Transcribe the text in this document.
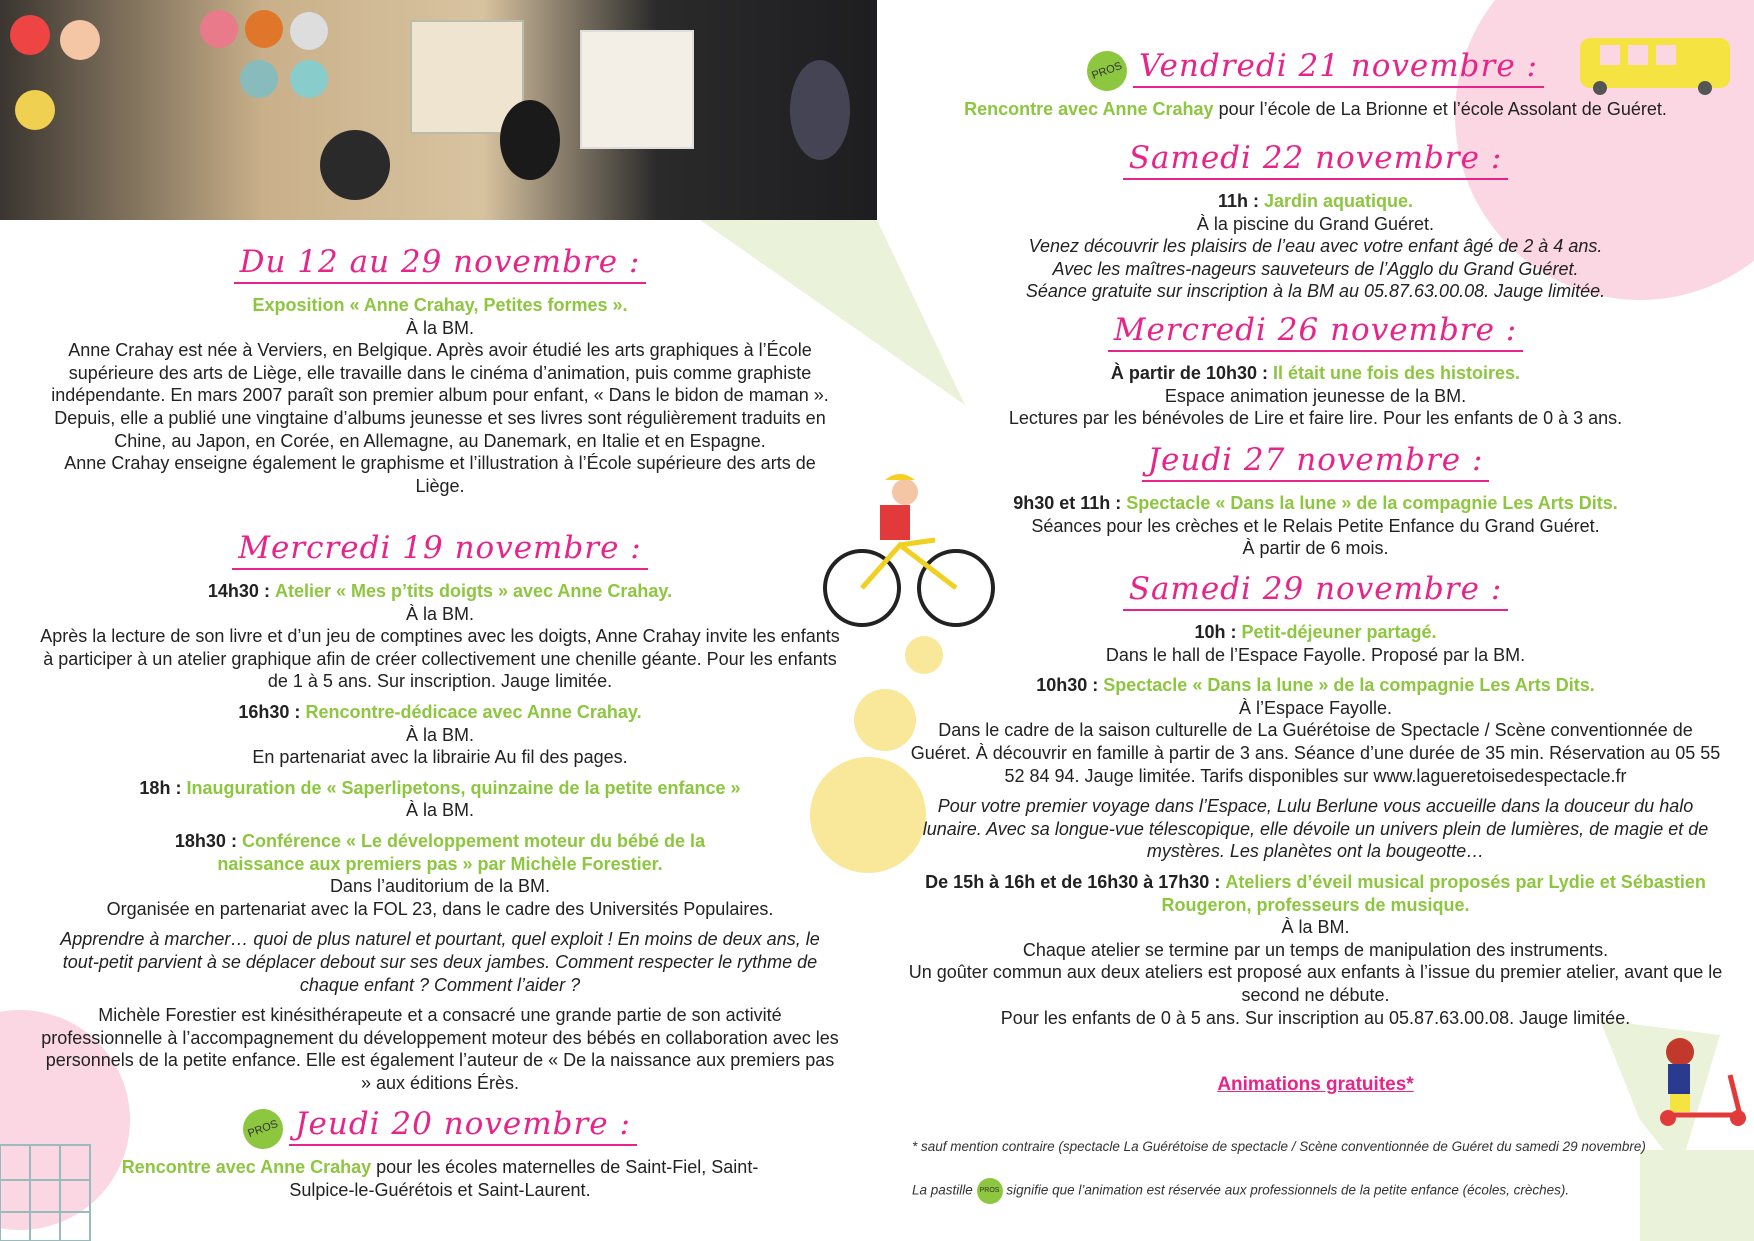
Du 12 au 29 novembre :

Exposition « Anne Crahay, Petites formes ».

À la BM.

Anne Crahay est née à Verviers, en Belgique. Après avoir étudié les arts graphiques à l’École supérieure des arts de Liège, elle travaille dans le cinéma d’animation, puis comme graphiste indépendante. En mars 2007 paraît son premier album pour enfant, « Dans le bidon de maman ». Depuis, elle a publié une vingtaine d’albums jeunesse et ses livres sont régulièrement traduits en Chine, au Japon, en Corée, en Allemagne, au Danemark, en Italie et en Espagne.

Anne Crahay enseigne également le graphisme et l’illustration à l’École supérieure des arts de Liège.

Mercredi 19 novembre :

14h30 : Atelier « Mes p’tits doigts » avec Anne Crahay.

À la BM.

Après la lecture de son livre et d’un jeu de comptines avec les doigts, Anne Crahay invite les enfants à participer à un atelier graphique afin de créer collectivement une chenille géante. Pour les enfants de 1 à 5 ans. Sur inscription. Jauge limitée.

16h30 : Rencontre-dédicace avec Anne Crahay.

À la BM.

En partenariat avec la librairie Au fil des pages.

18h : Inauguration de « Saperlipetons, quinzaine de la petite enfance »

À la BM.

18h30 : Conférence « Le développement moteur du bébé de la naissance aux premiers pas » par Michèle Forestier.

Dans l’auditorium de la BM.

Organisée en partenariat avec la FOL 23, dans le cadre des Universités Populaires.

Apprendre à marcher… quoi de plus naturel et pourtant, quel exploit ! En moins de deux ans, le tout-petit parvient à se déplacer debout sur ses deux jambes. Comment respecter le rythme de chaque enfant ? Comment l’aider ?

Michèle Forestier est kinésithérapeute et a consacré une grande partie de son activité professionnelle à l’accompagnement du développement moteur des bébés en collaboration avec les personnels de la petite enfance. Elle est également l’auteur de « De la naissance aux premiers pas » aux éditions Érès.

PROS Jeudi 20 novembre :

Rencontre avec Anne Crahay pour les écoles maternelles de Saint-Fiel, Saint-Sulpice-le-Guérétois et Saint-Laurent.

PROS Vendredi 21 novembre :

Rencontre avec Anne Crahay pour l’école de La Brionne et l’école Assolant de Guéret.

Samedi 22 novembre :

11h : Jardin aquatique.

À la piscine du Grand Guéret.

Venez découvrir les plaisirs de l’eau avec votre enfant âgé de 2 à 4 ans.

Avec les maîtres-nageurs sauveteurs de l’Agglo du Grand Guéret.

Séance gratuite sur inscription à la BM au 05.87.63.00.08. Jauge limitée.

Mercredi 26 novembre :

À partir de 10h30 : Il était une fois des histoires.

Espace animation jeunesse de la BM.

Lectures par les bénévoles de Lire et faire lire. Pour les enfants de 0 à 3 ans.

Jeudi 27 novembre :

9h30 et 11h : Spectacle « Dans la lune » de la compagnie Les Arts Dits.

Séances pour les crèches et le Relais Petite Enfance du Grand Guéret.

À partir de 6 mois.

Samedi 29 novembre :

10h : Petit-déjeuner partagé.

Dans le hall de l’Espace Fayolle. Proposé par la BM.

10h30 : Spectacle « Dans la lune » de la compagnie Les Arts Dits.

À l’Espace Fayolle.

Dans le cadre de la saison culturelle de La Guérétoise de Spectacle / Scène conventionnée de Guéret. À découvrir en famille à partir de 3 ans. Séance d’une durée de 35 min. Réservation au 05 55 52 84 94. Jauge limitée. Tarifs disponibles sur www.lagueretoisedespectacle.fr

Pour votre premier voyage dans l’Espace, Lulu Berlune vous accueille dans la douceur du halo lunaire. Avec sa longue-vue télescopique, elle dévoile un univers plein de lumières, de magie et de mystères. Les planètes ont la bougeotte…

De 15h à 16h et de 16h30 à 17h30 : Ateliers d’éveil musical proposés par Lydie et Sébastien Rougeron, professeurs de musique.

À la BM.

Chaque atelier se termine par un temps de manipulation des instruments.

Un goûter commun aux deux ateliers est proposé aux enfants à l’issue du premier atelier, avant que le second ne débute.

Pour les enfants de 0 à 5 ans. Sur inscription au 05.87.63.00.08. Jauge limitée.

Animations gratuites*
* sauf mention contraire (spectacle La Guérétoise de spectacle / Scène conventionnée de Guéret du samedi 29 novembre)
La pastille PROS signifie que l’animation est réservée aux professionnels de la petite enfance (écoles, crèches).
